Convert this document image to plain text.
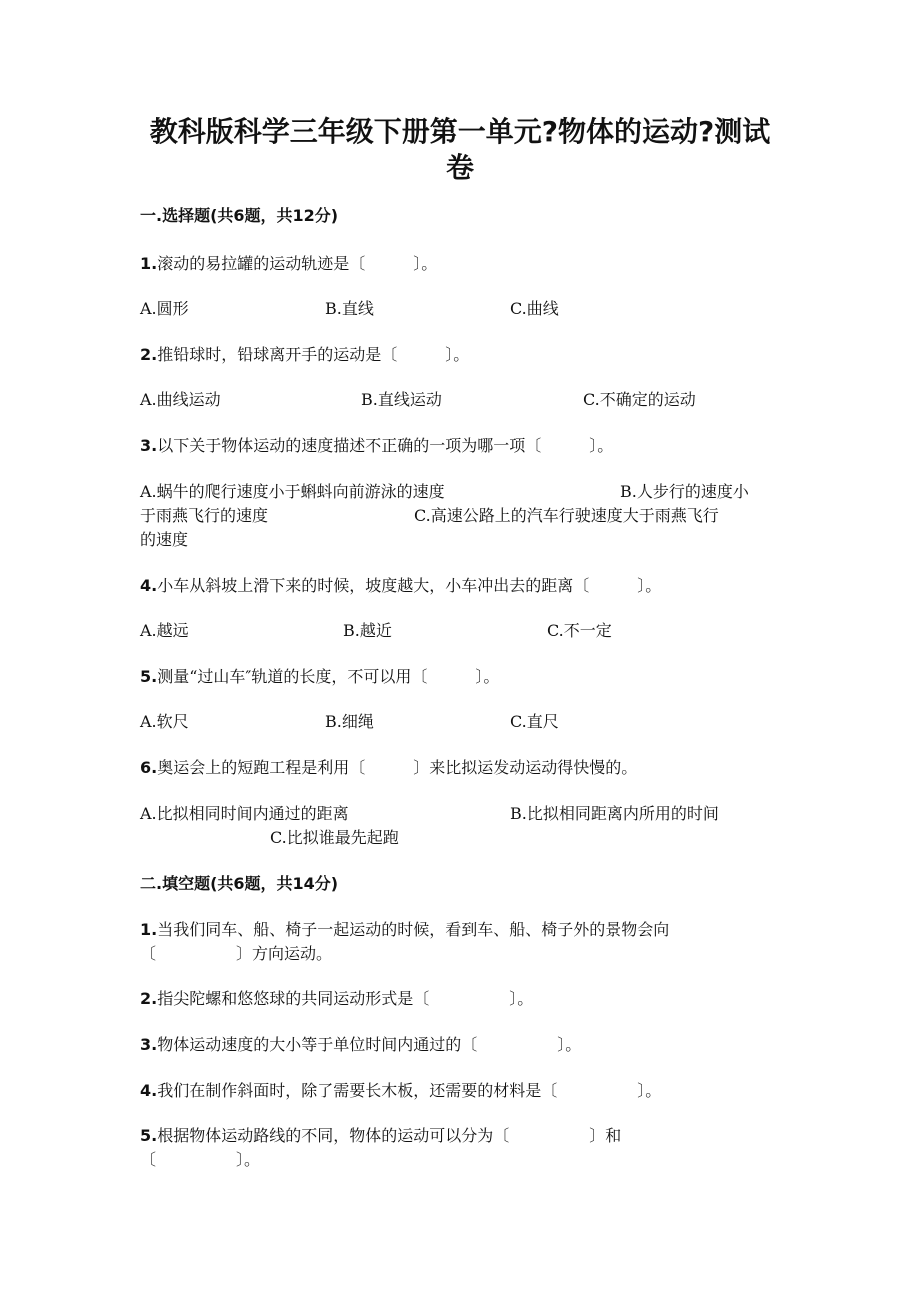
教科版科学三年级下册第一单元?物体的运动?测试
卷
一.选择题(共6题，共12分)
1.滚动的易拉罐的运动轨迹是〔　　　〕。
A.圆形	B.直线	C.曲线
2.推铅球时，铅球离开手的运动是〔　　　〕。
A.曲线运动	B.直线运动	C.不确定的运动
3.以下关于物体运动的速度描述不正确的一项为哪一项〔　　　〕。
A.蜗牛的爬行速度小于蝌蚪向前游泳的速度	B.人步行的速度小
于雨燕飞行的速度	C.高速公路上的汽车行驶速度大于雨燕飞行
的速度
4.小车从斜坡上滑下来的时候，坡度越大，小车冲出去的距离〔　　　〕。
A.越远	B.越近	C.不一定
5.测量“过山车″轨道的长度，不可以用〔　　　〕。
A.软尺	B.细绳	C.直尺
6.奥运会上的短跑工程是利用〔　　　〕来比拟运发动运动得快慢的。
A.比拟相同时间内通过的距离	B.比拟相同距离内所用的时间
C.比拟谁最先起跑
二.填空题(共6题，共14分)
1.当我们同车、船、椅子一起运动的时候，看到车、船、椅子外的景物会向
〔　　　　　〕方向运动。
2.指尖陀螺和悠悠球的共同运动形式是〔　　　　　〕。
3.物体运动速度的大小等于单位时间内通过的〔　　　　　〕。
4.我们在制作斜面时，除了需要长木板，还需要的材料是〔　　　　　〕。
5.根据物体运动路线的不同，物体的运动可以分为〔　　　　　〕和
〔　　　　　〕。
